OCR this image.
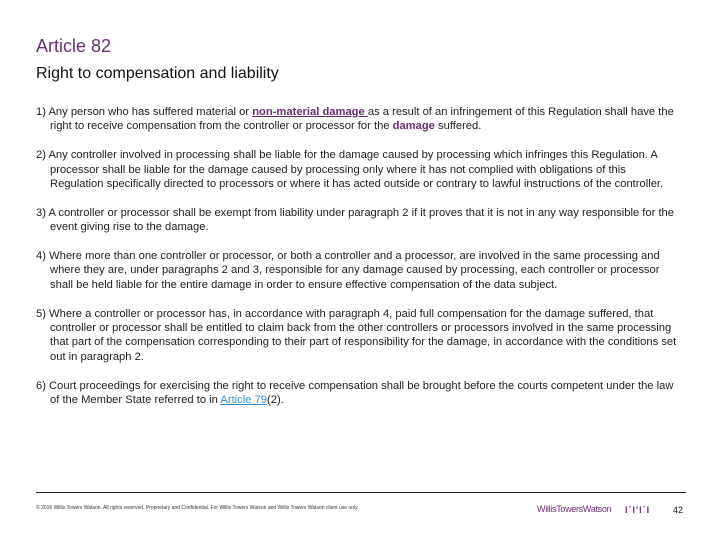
Article 82
Right to compensation and liability

1) Any person who has suffered material or non-material damage as a result of an infringement of this Regulation shall have the right to receive compensation from the controller or processor for the damage suffered.

2) Any controller involved in processing shall be liable for the damage caused by processing which infringes this Regulation. A processor shall be liable for the damage caused by processing only where it has not complied with obligations of this Regulation specifically directed to processors or where it has acted outside or contrary to lawful instructions of the controller.

3) A controller or processor shall be exempt from liability under paragraph 2 if it proves that it is not in any way responsible for the event giving rise to the damage.

4) Where more than one controller or processor, or both a controller and a processor, are involved in the same processing and where they are, under paragraphs 2 and 3, responsible for any damage caused by processing, each controller or processor shall be held liable for the entire damage in order to ensure effective compensation of the data subject.

5) Where a controller or processor has, in accordance with paragraph 4, paid full compensation for the damage suffered, that controller or processor shall be entitled to claim back from the other controllers or processors involved in the same processing that part of the compensation corresponding to their part of responsibility for the damage, in accordance with the conditions set out in paragraph 2.

6) Court proceedings for exercising the right to receive compensation shall be brought before the courts competent under the law of the Member State referred to in Article 79(2).

© 2016 Willis Towers Watson. All rights reserved. Proprietary and Confidential. For Willis Towers Watson and Willis Towers Watson client use only.	WillisTowersWatson I´I'I´I	42
